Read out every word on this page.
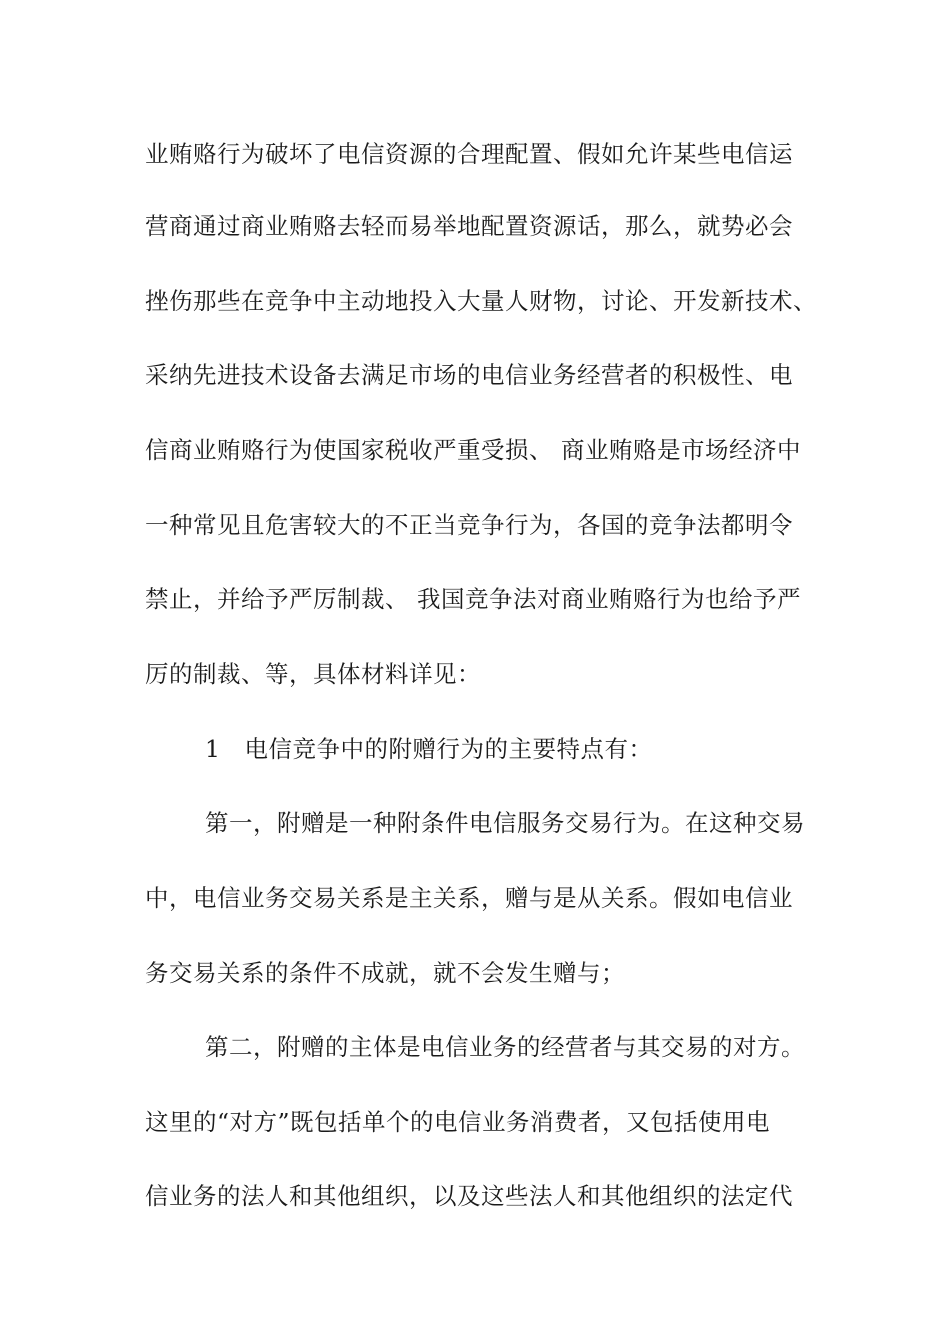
业贿赂行为破坏了电信资源的合理配置、假如允许某些电信运
营商通过商业贿赂去轻而易举地配置资源话，那么，就势必会
挫伤那些在竞争中主动地投入大量人财物，讨论、开发新技术、
采纳先进技术设备去满足市场的电信业务经营者的积极性、电
信商业贿赂行为使国家税收严重受损、 商业贿赂是市场经济中
一种常见且危害较大的不正当竞争行为，各国的竞争法都明令
禁止，并给予严厉制裁、 我国竞争法对商业贿赂行为也给予严
厉的制裁、等，具体材料详见：
1　电信竞争中的附赠行为的主要特点有：
第一，附赠是一种附条件电信服务交易行为。在这种交易
中，电信业务交易关系是主关系，赠与是从关系。假如电信业
务交易关系的条件不成就，就不会发生赠与；
第二，附赠的主体是电信业务的经营者与其交易的对方。
这里的“对方”既包括单个的电信业务消费者，又包括使用电
信业务的法人和其他组织，以及这些法人和其他组织的法定代
